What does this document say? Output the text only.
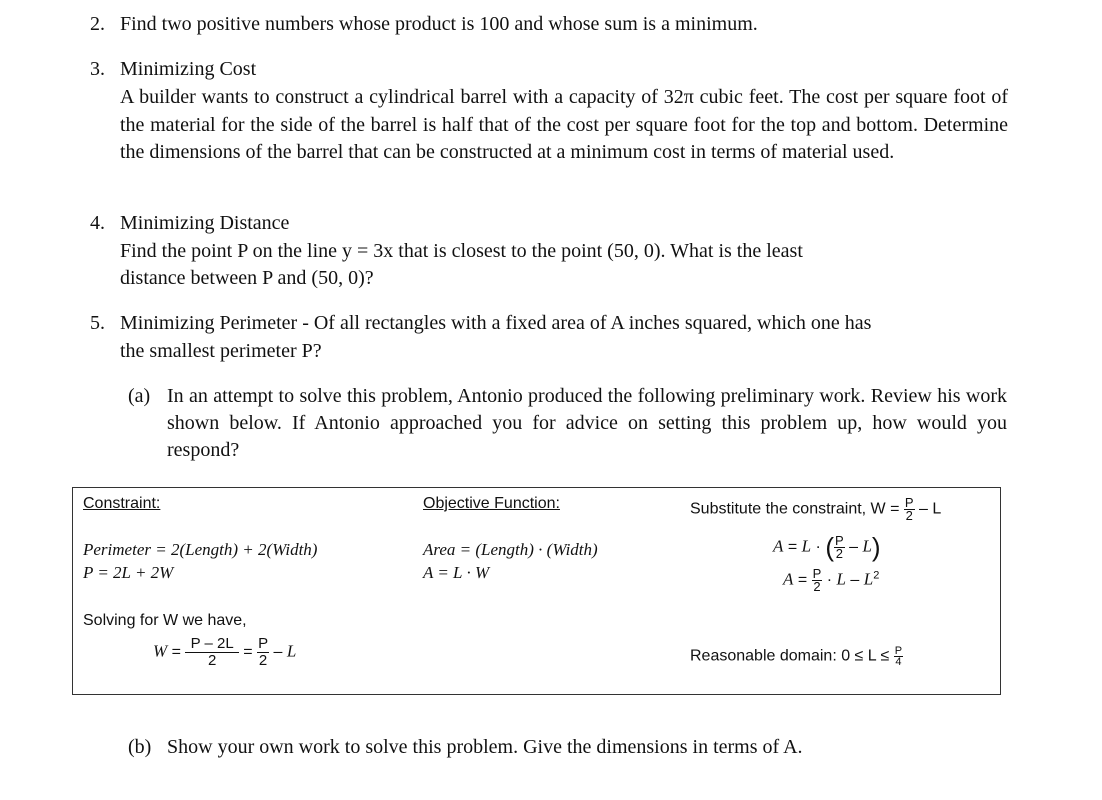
2. Find two positive numbers whose product is 100 and whose sum is a minimum.
3. Minimizing Cost
A builder wants to construct a cylindrical barrel with a capacity of 32π cubic feet. The cost per square foot of the material for the side of the barrel is half that of the cost per square foot for the top and bottom. Determine the dimensions of the barrel that can be constructed at a minimum cost in terms of material used.
4. Minimizing Distance
Find the point P on the line y = 3x that is closest to the point (50, 0). What is the least
distance between P and (50, 0)?
5. Minimizing Perimeter - Of all rectangles with a fixed area of A inches squared, which one has
the smallest perimeter P?
(a) In an attempt to solve this problem, Antonio produced the following preliminary work. Review his work shown below. If Antonio approached you for advice on setting this problem up, how would you respond?
Constraint:	Objective Function:	Substitute the constraint, $W = \frac{P}{2} - L$
Perimeter = 2(Length) + 2(Width)
P = 2L + 2W
Area = (Length) · (Width)
A = L · W
A = L · ( $\frac{P}{2} - L$)
$A = \frac{P}{2} \cdot L - L^2$
Solving for W we have,
$W = \frac{P - 2L}{2} = \frac{P}{2} - L$	Reasonable domain: $0 \le L \le \frac{P}{4}$
(b) Show your own work to solve this problem. Give the dimensions in terms of A.
